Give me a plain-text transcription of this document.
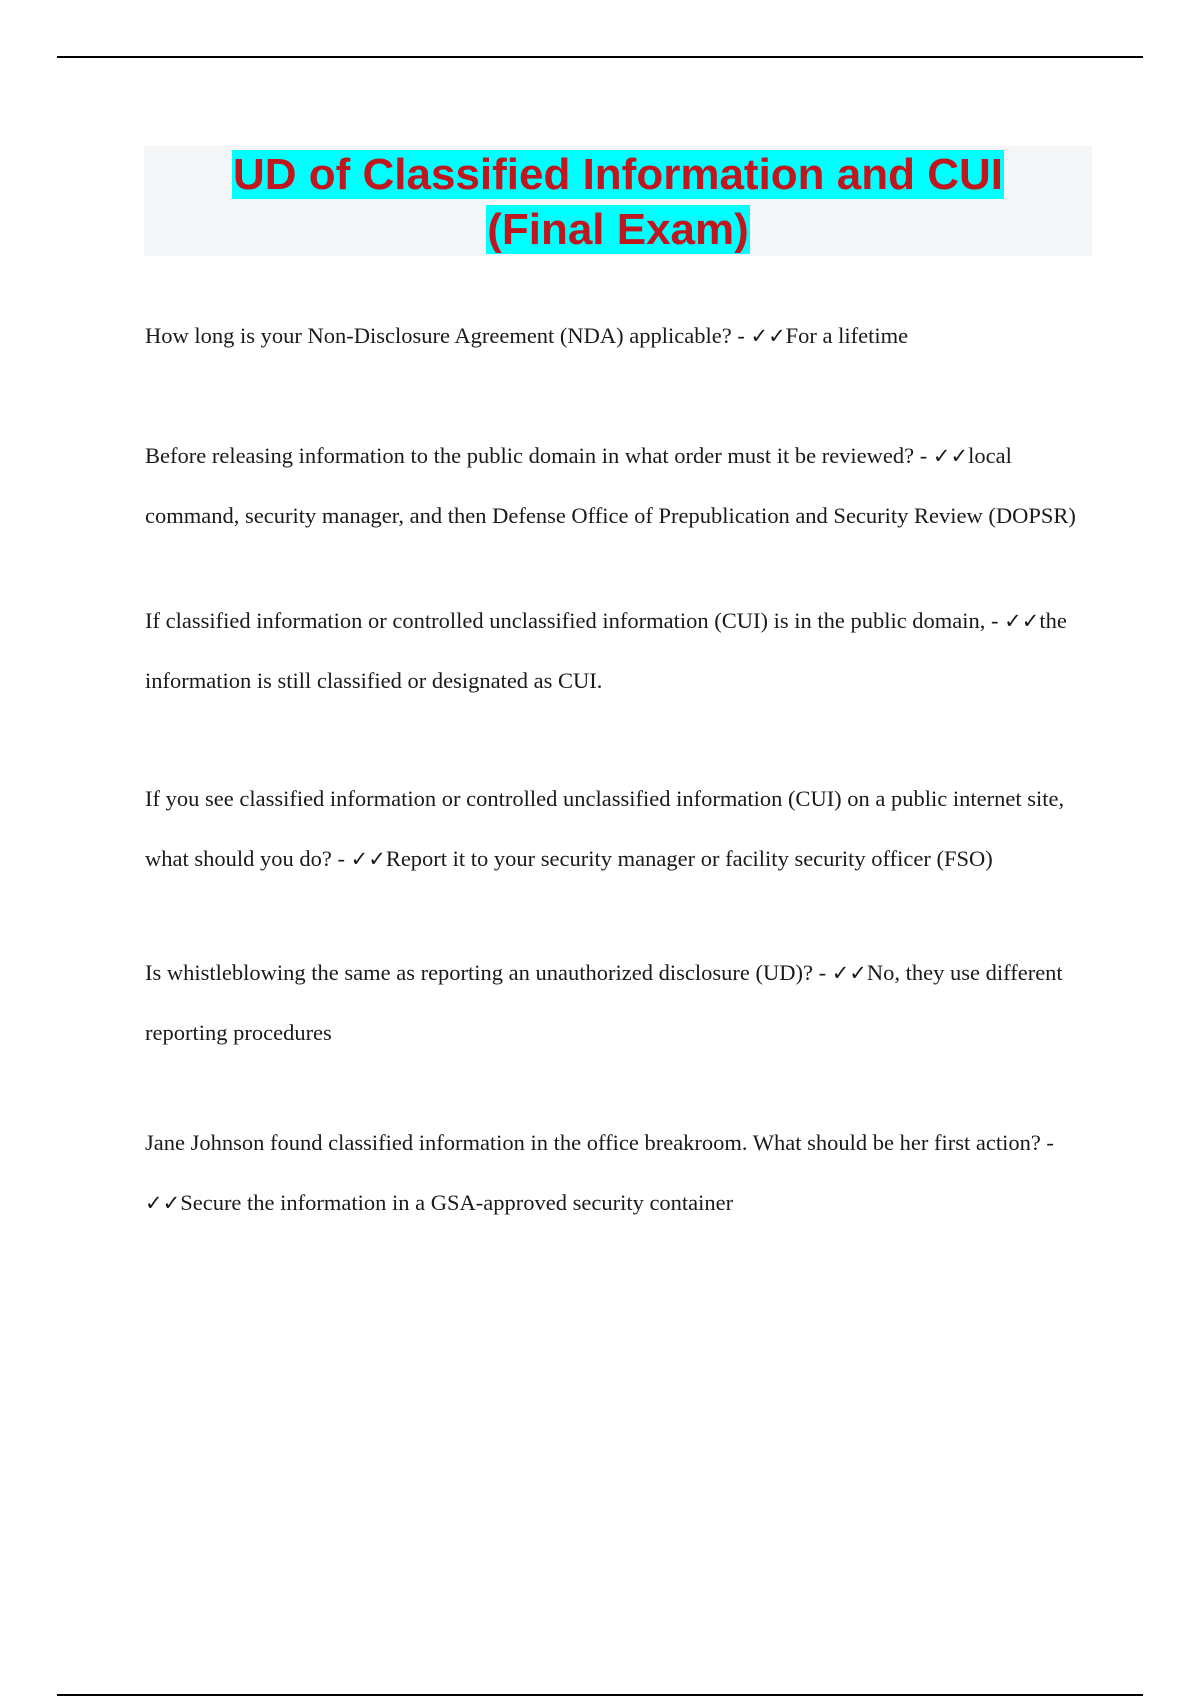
UD of Classified Information and CUI
(Final Exam)

How long is your Non-Disclosure Agreement (NDA) applicable? - ✓✓For a lifetime

Before releasing information to the public domain in what order must it be reviewed? - ✓✓local command, security manager, and then Defense Office of Prepublication and Security Review (DOPSR)

If classified information or controlled unclassified information (CUI) is in the public domain, - ✓✓the information is still classified or designated as CUI.

If you see classified information or controlled unclassified information (CUI) on a public internet site, what should you do? - ✓✓Report it to your security manager or facility security officer (FSO)

Is whistleblowing the same as reporting an unauthorized disclosure (UD)? - ✓✓No, they use different reporting procedures

Jane Johnson found classified information in the office breakroom. What should be her first action? - ✓✓Secure the information in a GSA-approved security container
